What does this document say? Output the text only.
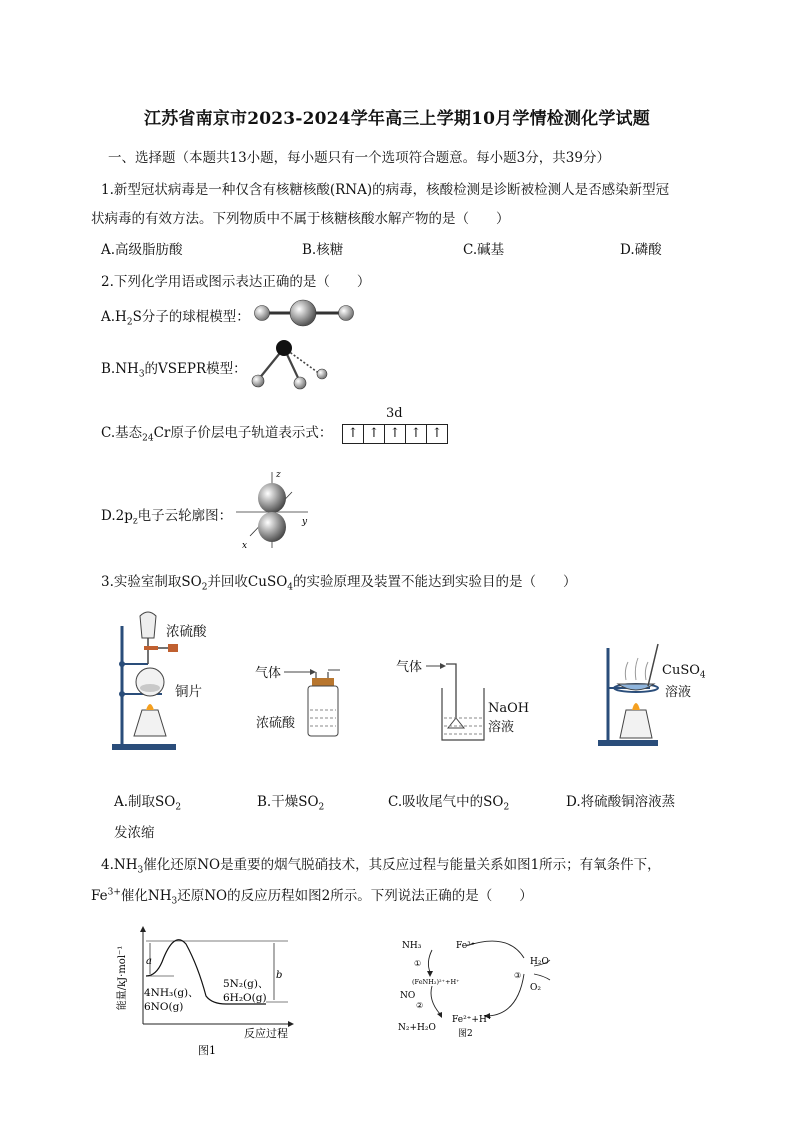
江苏省南京市2023-2024学年高三上学期10月学情检测化学试题
一、选择题（本题共13小题，每小题只有一个选项符合题意。每小题3分，共39分）
1.新型冠状病毒是一种仅含有核糖核酸(RNA)的病毒，核酸检测是诊断被检测人是否感染新型冠
状病毒的有效方法。下列物质中不属于核糖核酸水解产物的是（　　）
A.高级脂肪酸	B.核糖	C.碱基	D.磷酸
2.下列化学用语或图示表达正确的是（　　）
$A.H_2S$分子的球棍模型：
$B.NH_3$的VSEPR模型：
C.基态$_{24}$Cr原子价层电子轨道表示式：
3d
↑ ↑ ↑ ↑ ↑
$D.2p_z$电子云轮廓图：
z
y
x
3.实验室制取$SO_2$并回收CuSO$_4$的实验原理及装置不能达到实验目的是（　　）
浓硫酸
铜片
气体
浓硫酸
气体
NaOH
溶液
CuSO$_4$
溶液
A.制取$SO_2$	B.干燥$SO_2$	C.吸收尾气中的$SO_2$	D.将硫酸铜溶液蒸
发浓缩
$4.NH_3$催化还原NO是重要的烟气脱硝技术，其反应过程与能量关系如图1所示；有氧条件下，
$Fe^{3+}$催化$NH_3$还原NO的反应历程如图2所示。下列说法正确的是（　　）
能量/kJ·mol⁻¹ a
b
4NH₃(g)、
6NO(g)
5N₂(g)、
6H₂O(g)
反应过程
图1
NH₃	Fe³⁺
①
(FeNH₂)²⁺+H⁺
NO
②
N₂+H₂O
Fe²⁺+H⁺
H₂O
③
O₂
图2
